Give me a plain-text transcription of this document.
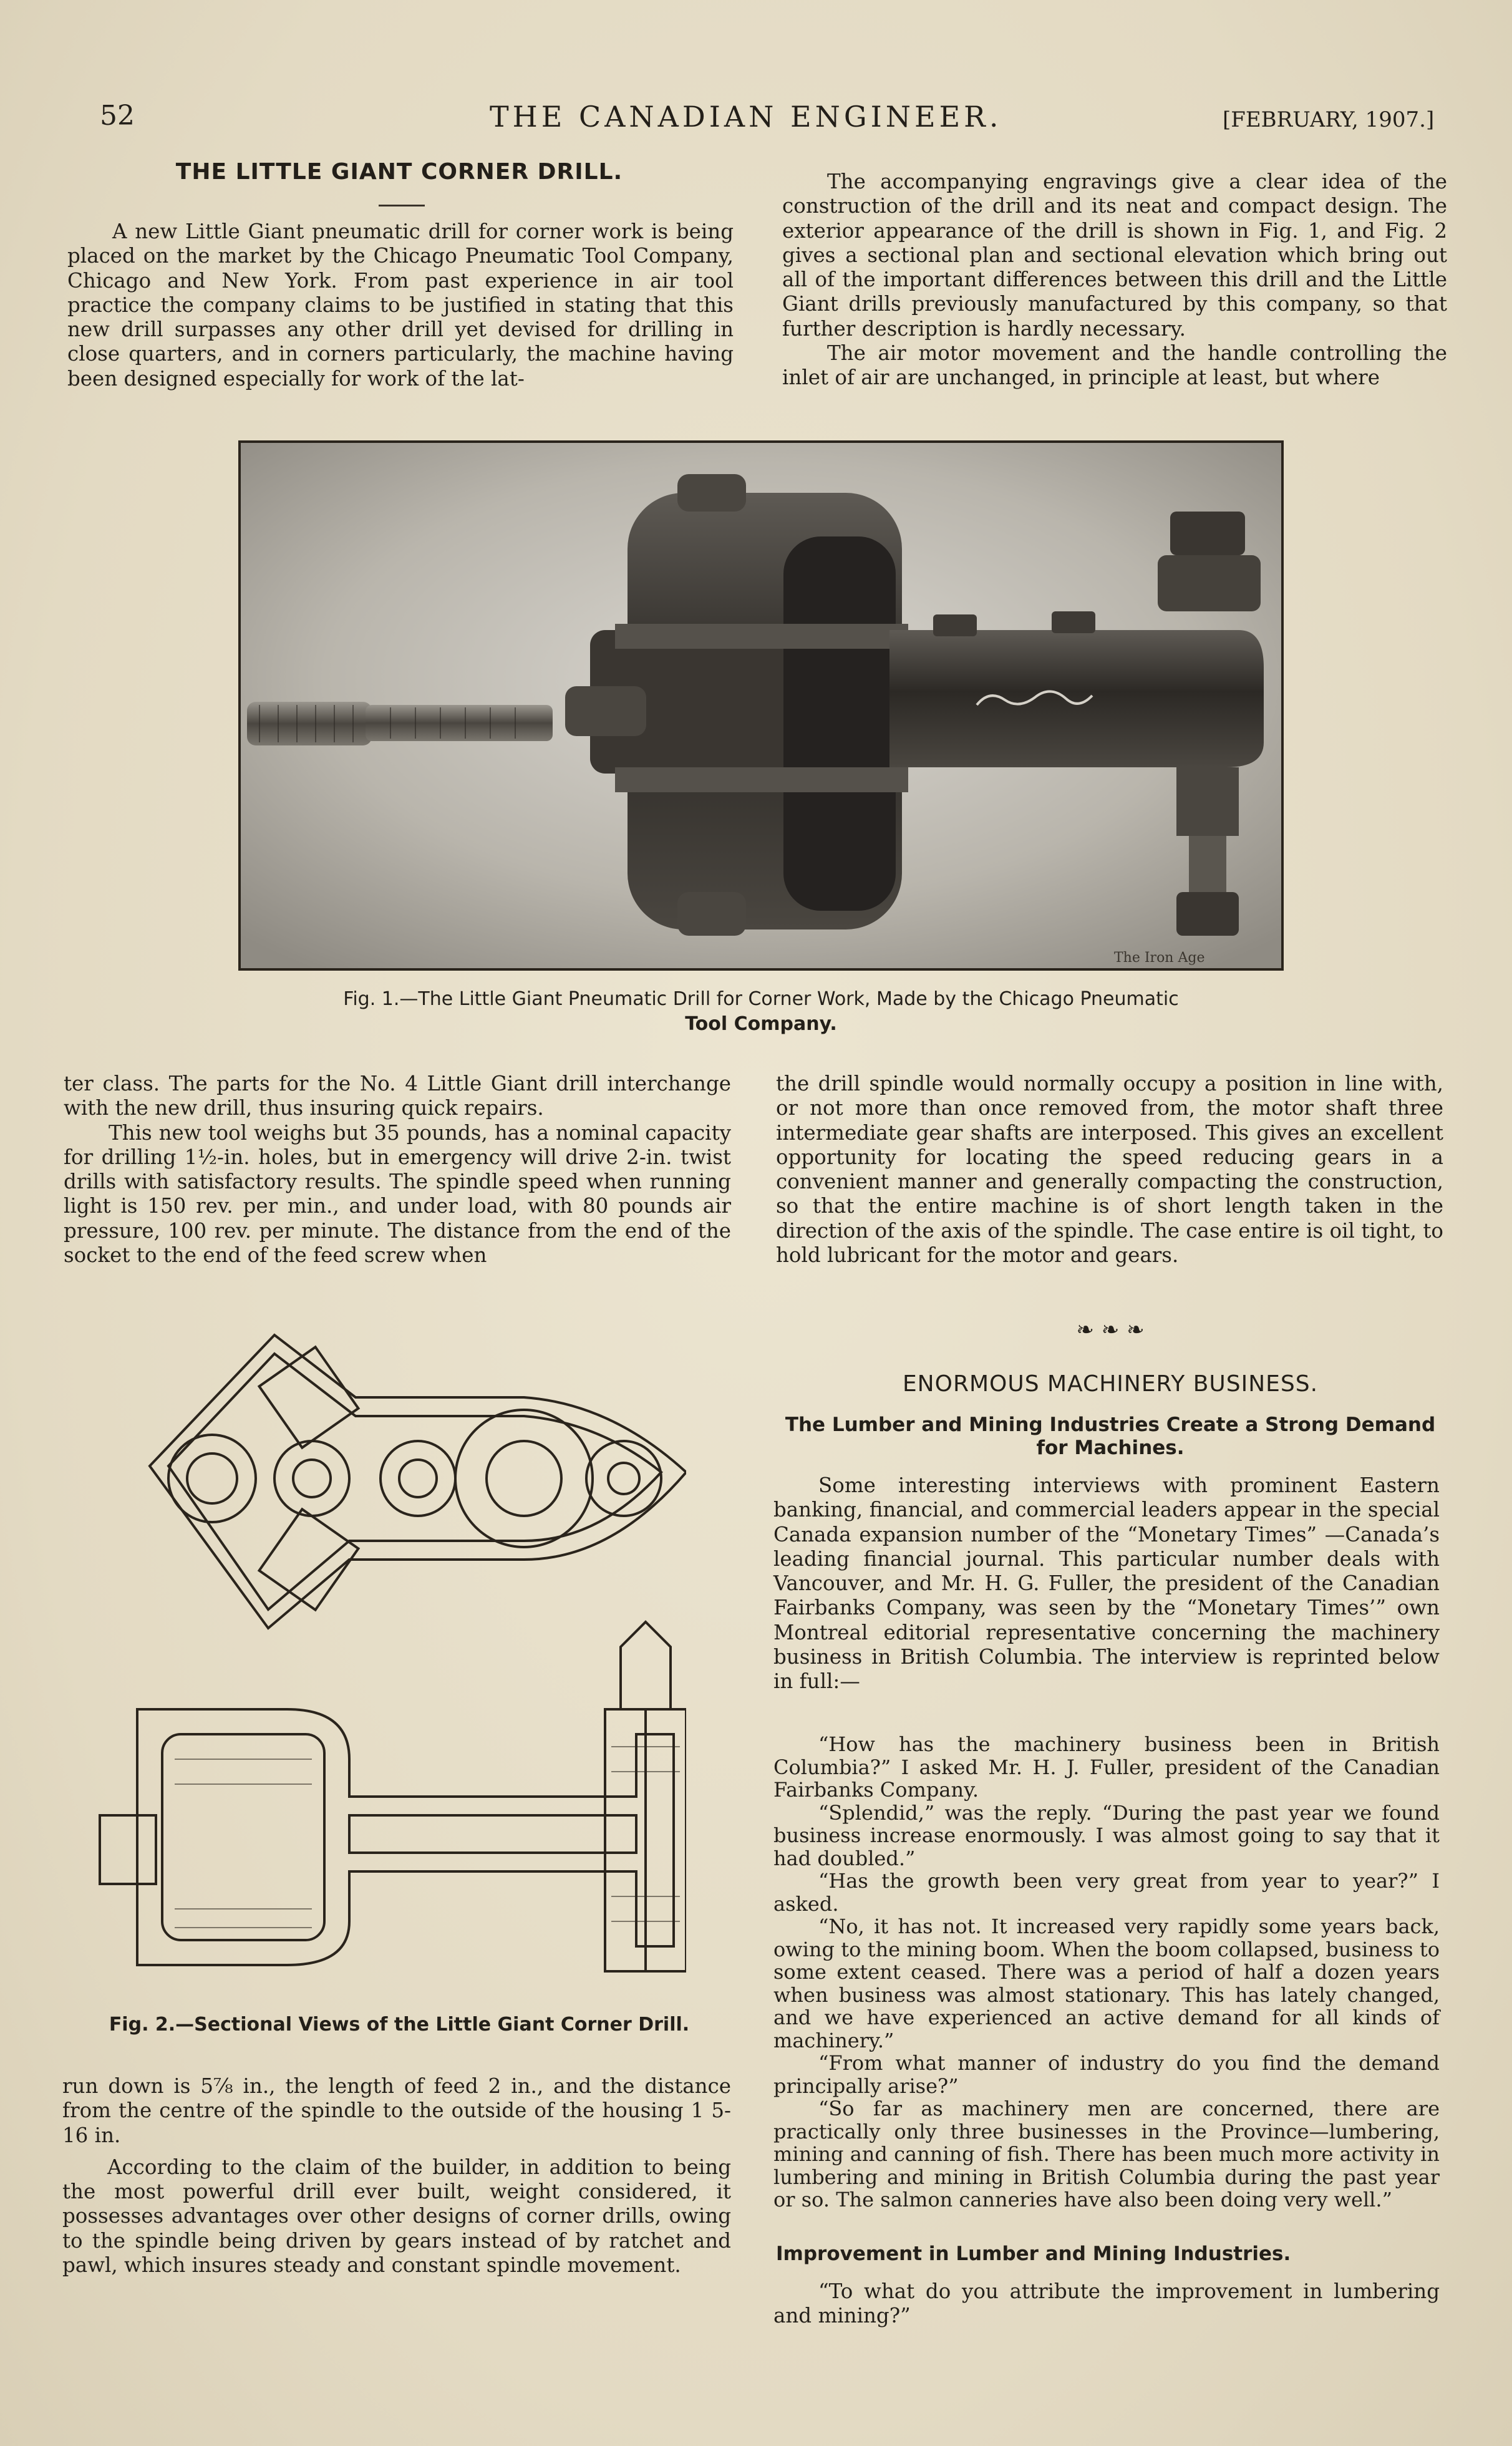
52	THE CANADIAN ENGINEER.	[FEBRUARY, 1907.]
THE LITTLE GIANT CORNER DRILL.

A new Little Giant pneumatic drill for corner work is being placed on the market by the Chicago Pneumatic Tool Company, Chicago and New York. From past experience in air tool practice the company claims to be justified in stating that this new drill surpasses any other drill yet devised for drilling in close quarters, and in corners particularly, the machine having been designed especially for work of the lat-

The accompanying engravings give a clear idea of the construction of the drill and its neat and compact design. The exterior appearance of the drill is shown in Fig. 1, and Fig. 2 gives a sectional plan and sectional elevation which bring out all of the important differences between this drill and the Little Giant drills previously manufactured by this company, so that further description is hardly necessary.

The air motor movement and the handle controlling the inlet of air are unchanged, in principle at least, but where

The Iron Age
Fig. 1.—The Little Giant Pneumatic Drill for Corner Work, Made by the Chicago Pneumatic
Tool Company.

ter class. The parts for the No. 4 Little Giant drill interchange with the new drill, thus insuring quick repairs.

This new tool weighs but 35 pounds, has a nominal capacity for drilling 1½-in. holes, but in emergency will drive 2-in. twist drills with satisfactory results. The spindle speed when running light is 150 rev. per min., and under load, with 80 pounds air pressure, 100 rev. per minute. The distance from the end of the socket to the end of the feed screw when

the drill spindle would normally occupy a position in line with, or not more than once removed from, the motor shaft three intermediate gear shafts are interposed. This gives an excellent opportunity for locating the speed reducing gears in a convenient manner and generally compacting the construction, so that the entire machine is of short length taken in the direction of the axis of the spindle. The case entire is oil tight, to hold lubricant for the motor and gears.

Fig. 2.—Sectional Views of the Little Giant Corner Drill.

run down is 5⅞ in., the length of feed 2 in., and the distance from the centre of the spindle to the outside of the housing 1 5-16 in.

According to the claim of the builder, in addition to being the most powerful drill ever built, weight considered, it possesses advantages over other designs of corner drills, owing to the spindle being driven by gears instead of by ratchet and pawl, which insures steady and constant spindle movement.

❧ ❧ ❧
ENORMOUS MACHINERY BUSINESS.
The Lumber and Mining Industries Create a Strong Demand
for Machines.

Some interesting interviews with prominent Eastern banking, financial, and commercial leaders appear in the special Canada expansion number of the “Monetary Times” —Canada’s leading financial journal. This particular number deals with Vancouver, and Mr. H. G. Fuller, the president of the Canadian Fairbanks Company, was seen by the “Monetary Times’” own Montreal editorial representative concerning the machinery business in British Columbia. The interview is reprinted below in full:—

“How has the machinery business been in British Columbia?” I asked Mr. H. J. Fuller, president of the Canadian Fairbanks Company.

“Splendid,” was the reply. “During the past year we found business increase enormously. I was almost going to say that it had doubled.”

“Has the growth been very great from year to year?” I asked.

“No, it has not. It increased very rapidly some years back, owing to the mining boom. When the boom collapsed, business to some extent ceased. There was a period of half a dozen years when business was almost stationary. This has lately changed, and we have experienced an active demand for all kinds of machinery.”

“From what manner of industry do you find the demand principally arise?”

“So far as machinery men are concerned, there are practically only three businesses in the Province—lumbering, mining and canning of fish. There has been much more activity in lumbering and mining in British Columbia during the past year or so. The salmon canneries have also been doing very well.”

Improvement in Lumber and Mining Industries.

“To what do you attribute the improvement in lumbering and mining?”
